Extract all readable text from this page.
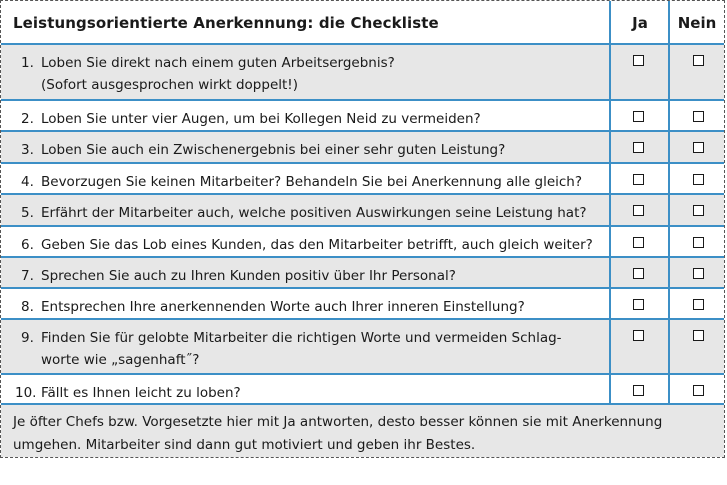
Leistungsorientierte Anerkennung: die Checkliste	Ja	Nein
1. Loben Sie direkt nach einem guten Arbeitsergebnis?
(Sofort ausgesprochen wirkt doppelt!)
2. Loben Sie unter vier Augen, um bei Kollegen Neid zu vermeiden?
3. Loben Sie auch ein Zwischenergebnis bei einer sehr guten Leistung?
4. Bevorzugen Sie keinen Mitarbeiter? Behandeln Sie bei Anerkennung alle gleich?
5. Erfährt der Mitarbeiter auch, welche positiven Auswirkungen seine Leistung hat?
6. Geben Sie das Lob eines Kunden, das den Mitarbeiter betrifft, auch gleich weiter?
7. Sprechen Sie auch zu Ihren Kunden positiv über Ihr Personal?
8. Entsprechen Ihre anerkennenden Worte auch Ihrer inneren Einstellung?
9. Finden Sie für gelobte Mitarbeiter die richtigen Worte und vermeiden Schlag-
worte wie „sagenhaft˝?
10. Fällt es Ihnen leicht zu loben?
Je öfter Chefs bzw. Vorgesetzte hier mit Ja antworten, desto besser können sie mit Anerkennung
umgehen. Mitarbeiter sind dann gut motiviert und geben ihr Bestes.
